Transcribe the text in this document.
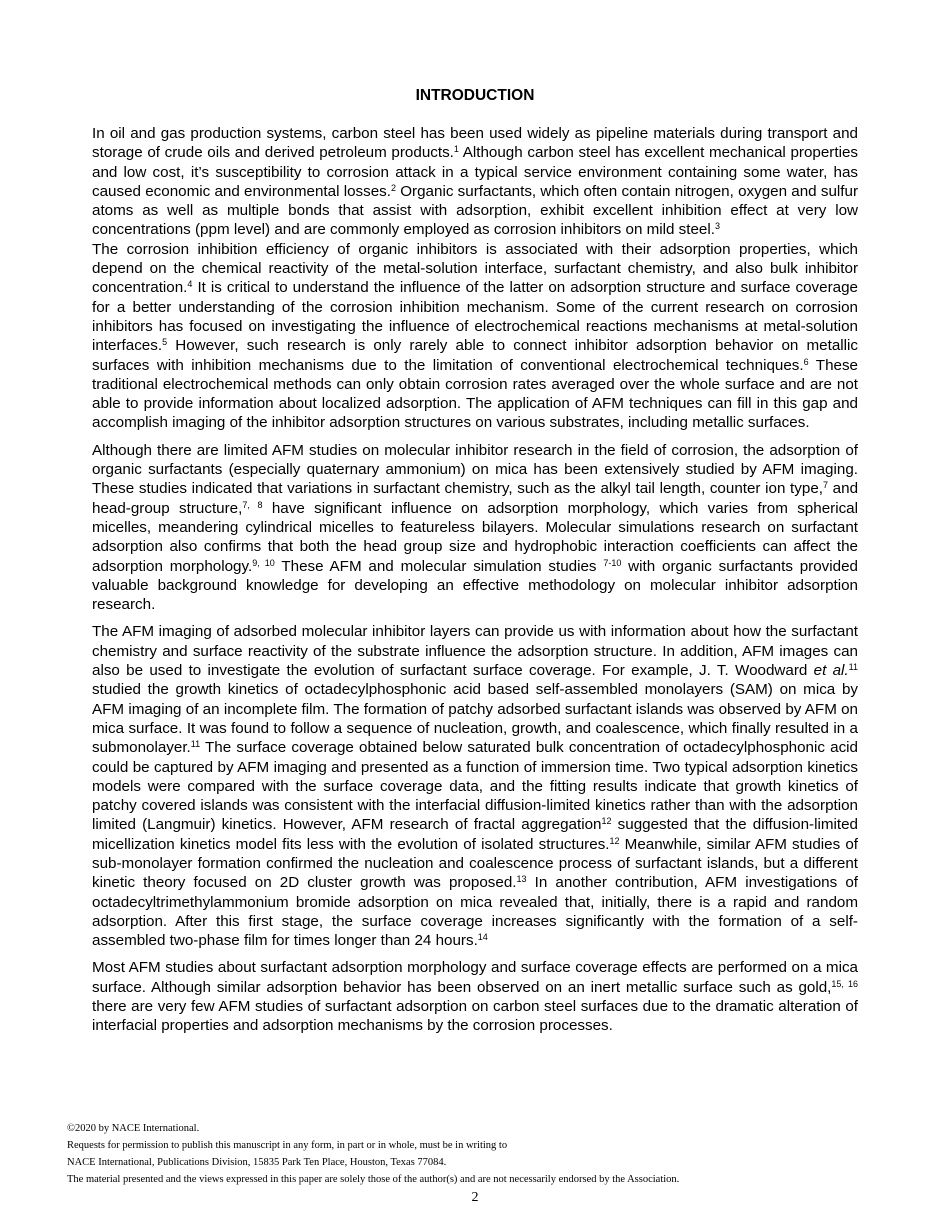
INTRODUCTION

In oil and gas production systems, carbon steel has been used widely as pipeline materials during transport and storage of crude oils and derived petroleum products.$^1$ Although carbon steel has excellent mechanical properties and low cost, it’s susceptibility to corrosion attack in a typical service environment containing some water, has caused economic and environmental losses.$^2$ Organic surfactants, which often contain nitrogen, oxygen and sulfur atoms as well as multiple bonds that assist with adsorption, exhibit excellent inhibition effect at very low concentrations (ppm level) and are commonly employed as corrosion inhibitors on mild steel.$^3$

The corrosion inhibition efficiency of organic inhibitors is associated with their adsorption properties, which depend on the chemical reactivity of the metal-solution interface, surfactant chemistry, and also bulk inhibitor concentration.$^4$ It is critical to understand the influence of the latter on adsorption structure and surface coverage for a better understanding of the corrosion inhibition mechanism. Some of the current research on corrosion inhibitors has focused on investigating the influence of electrochemical reactions mechanisms at metal-solution interfaces.$^5$ However, such research is only rarely able to connect inhibitor adsorption behavior on metallic surfaces with inhibition mechanisms due to the limitation of conventional electrochemical techniques.$^6$ These traditional electrochemical methods can only obtain corrosion rates averaged over the whole surface and are not able to provide information about localized adsorption. The application of AFM techniques can fill in this gap and accomplish imaging of the inhibitor adsorption structures on various substrates, including metallic surfaces.

Although there are limited AFM studies on molecular inhibitor research in the field of corrosion, the adsorption of organic surfactants (especially quaternary ammonium) on mica has been extensively studied by AFM imaging. These studies indicated that variations in surfactant chemistry, such as the alkyl tail length, counter ion type,$^7$ and head-group structure,$^{7, 8}$ have significant influence on adsorption morphology, which varies from spherical micelles, meandering cylindrical micelles to featureless bilayers. Molecular simulations research on surfactant adsorption also confirms that both the head group size and hydrophobic interaction coefficients can affect the adsorption morphology.$^{9, 10}$ These AFM and molecular simulation studies $^{7-10}$ with organic surfactants provided valuable background knowledge for developing an effective methodology on molecular inhibitor adsorption research.

The AFM imaging of adsorbed molecular inhibitor layers can provide us with information about how the surfactant chemistry and surface reactivity of the substrate influence the adsorption structure. In addition, AFM images can also be used to investigate the evolution of surfactant surface coverage. For example, J. T. Woodward et al.$^{11}$ studied the growth kinetics of octadecylphosphonic acid based self-assembled monolayers (SAM) on mica by AFM imaging of an incomplete film. The formation of patchy adsorbed surfactant islands was observed by AFM on mica surface. It was found to follow a sequence of nucleation, growth, and coalescence, which finally resulted in a submonolayer.$^{11}$ The surface coverage obtained below saturated bulk concentration of octadecylphosphonic acid could be captured by AFM imaging and presented as a function of immersion time. Two typical adsorption kinetics models were compared with the surface coverage data, and the fitting results indicate that growth kinetics of patchy covered islands was consistent with the interfacial diffusion-limited kinetics rather than with the adsorption limited (Langmuir) kinetics. However, AFM research of fractal aggregation$^{12}$ suggested that the diffusion-limited micellization kinetics model fits less with the evolution of isolated structures.$^{12}$ Meanwhile, similar AFM studies of sub-monolayer formation confirmed the nucleation and coalescence process of surfactant islands, but a different kinetic theory focused on 2D cluster growth was proposed.$^{13}$ In another contribution, AFM investigations of octadecyltrimethylammonium bromide adsorption on mica revealed that, initially, there is a rapid and random adsorption. After this first stage, the surface coverage increases significantly with the formation of a self-assembled two-phase film for times longer than 24 hours.$^{14}$

Most AFM studies about surfactant adsorption morphology and surface coverage effects are performed on a mica surface. Although similar adsorption behavior has been observed on an inert metallic surface such as gold,$^{15, 16}$ there are very few AFM studies of surfactant adsorption on carbon steel surfaces due to the dramatic alteration of interfacial properties and adsorption mechanisms by the corrosion processes.

©2020 by NACE International.
Requests for permission to publish this manuscript in any form, in part or in whole, must be in writing to
NACE International, Publications Division, 15835 Park Ten Place, Houston, Texas 77084.
The material presented and the views expressed in this paper are solely those of the author(s) and are not necessarily endorsed by the Association.
2
